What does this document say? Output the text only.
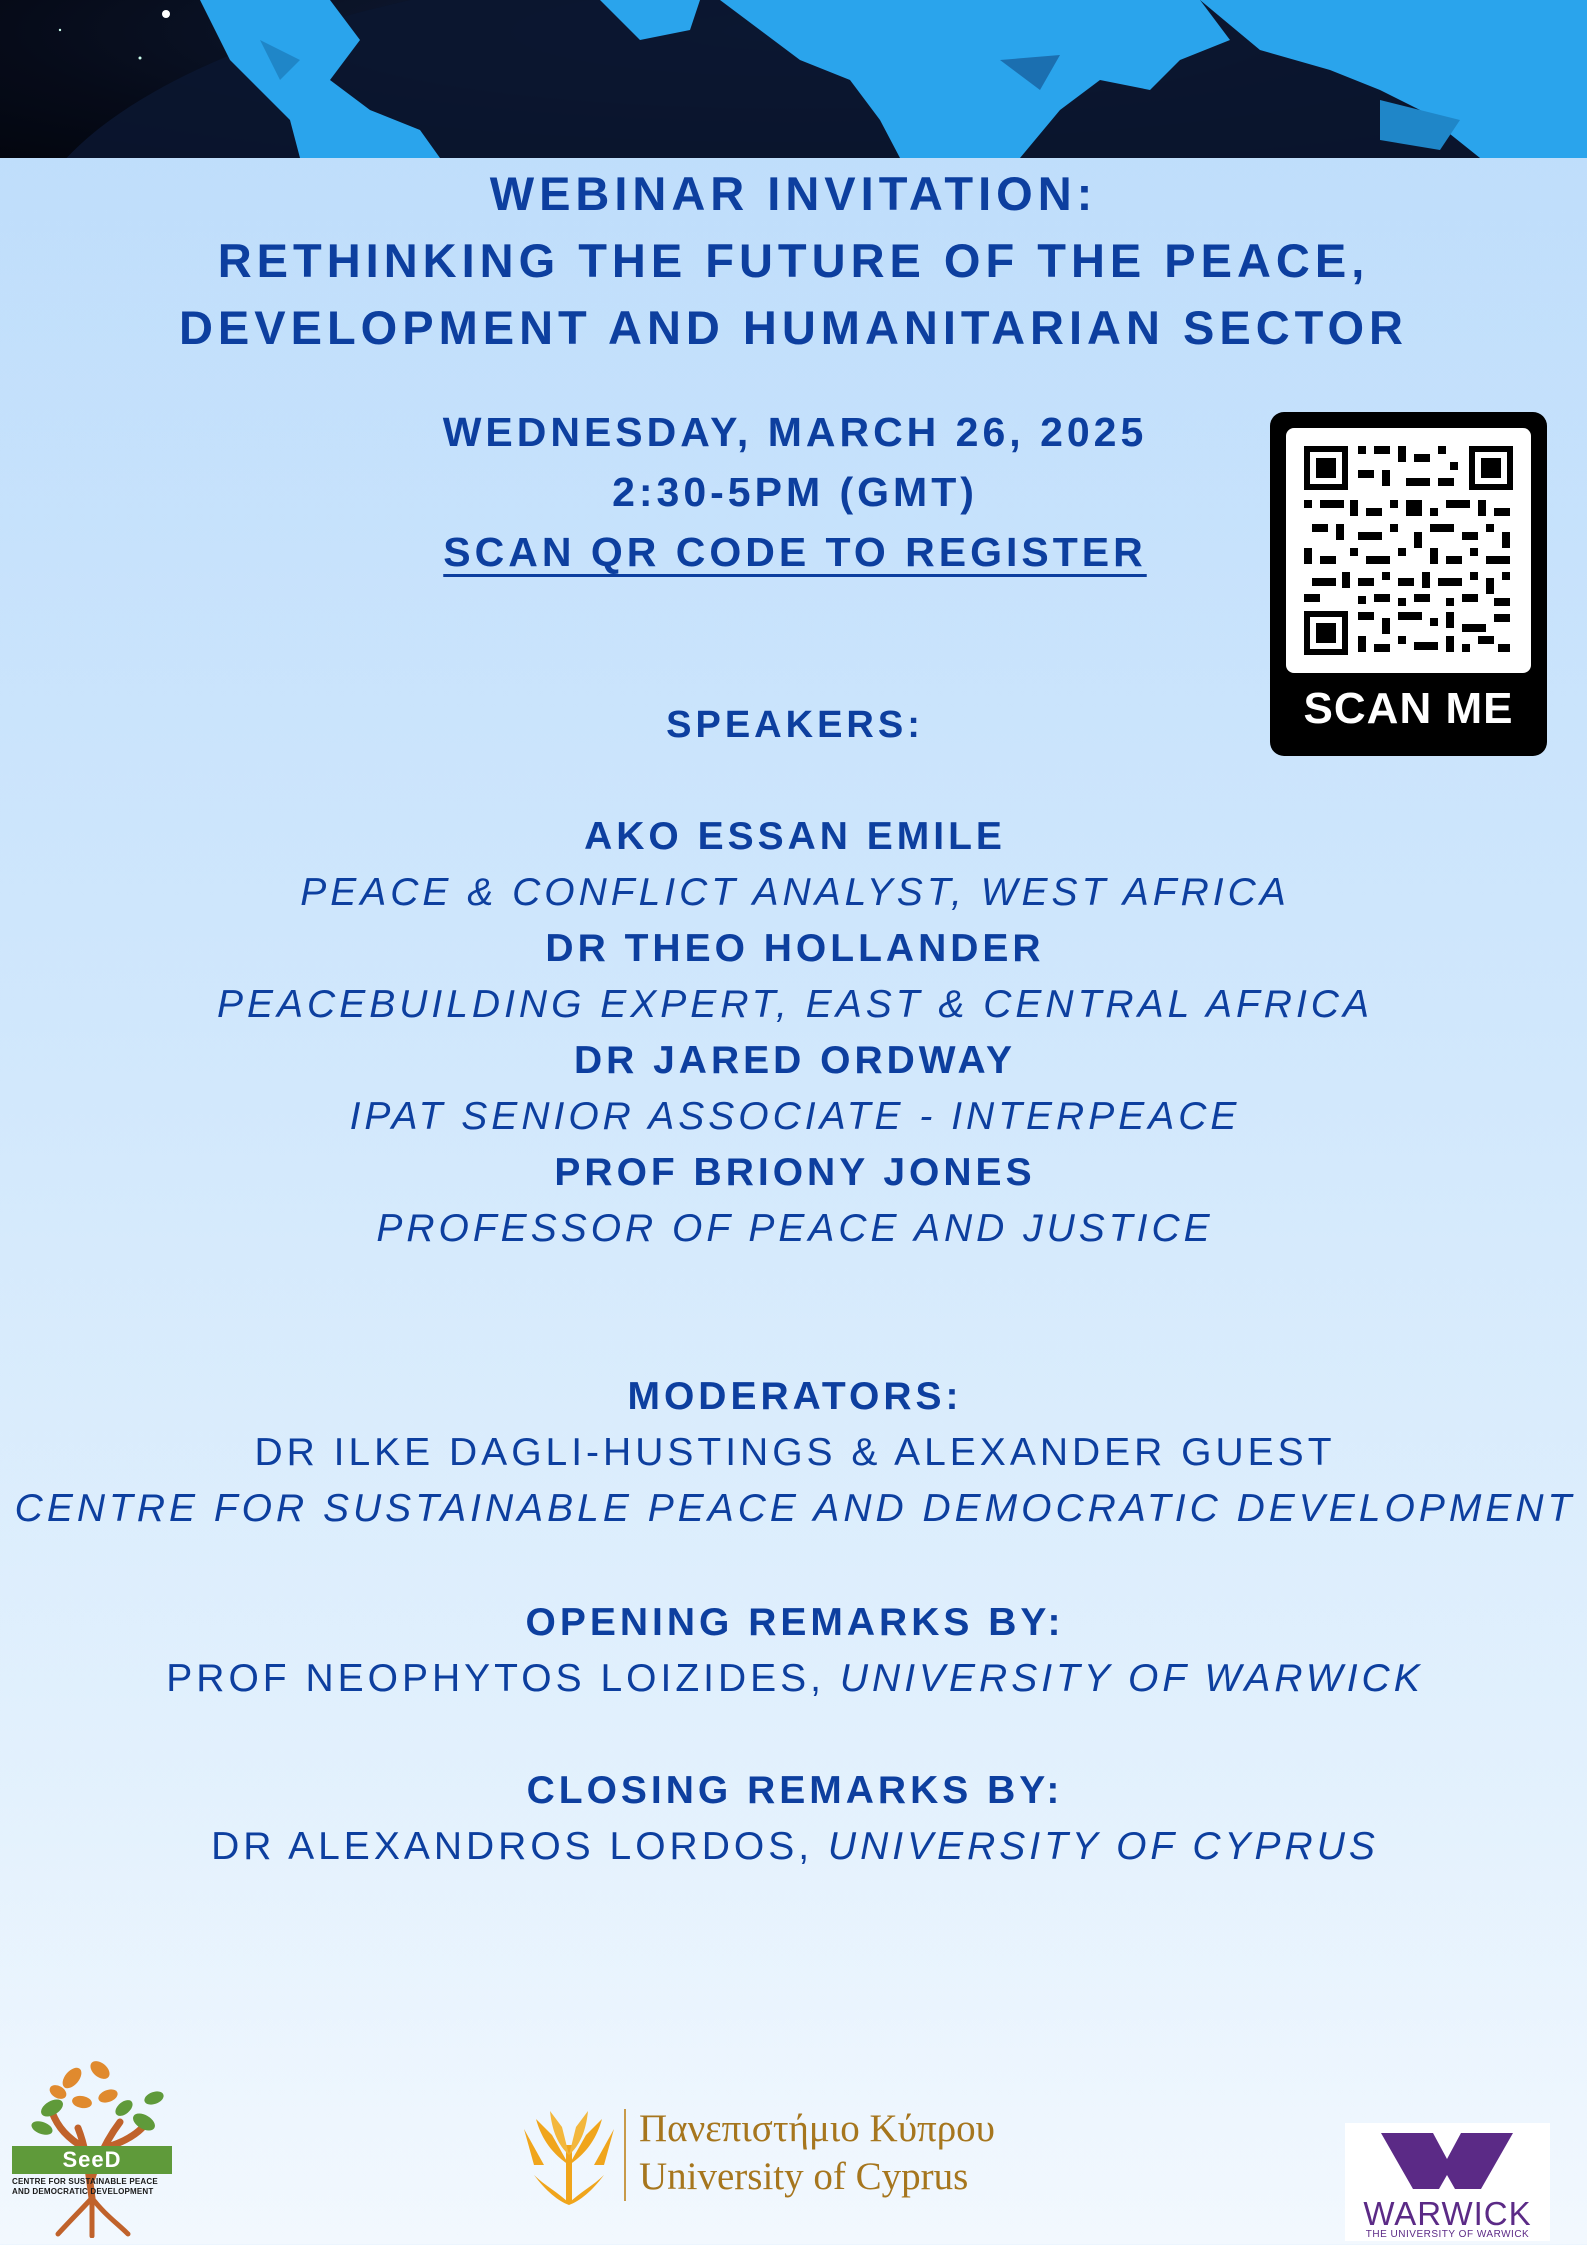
WEBINAR INVITATION:
RETHINKING THE FUTURE OF THE PEACE,
DEVELOPMENT AND HUMANITARIAN SECTOR
WEDNESDAY, MARCH 26, 2025
2:30-5PM (GMT)
SCAN QR CODE TO REGISTER
SCAN ME
SPEAKERS:
AKO ESSAN EMILE
PEACE & CONFLICT ANALYST, WEST AFRICA
DR THEO HOLLANDER
PEACEBUILDING EXPERT, EAST & CENTRAL AFRICA
DR JARED ORDWAY
IPAT SENIOR ASSOCIATE - INTERPEACE
PROF BRIONY JONES
PROFESSOR OF PEACE AND JUSTICE
MODERATORS:
DR ILKE DAGLI-HUSTINGS & ALEXANDER GUEST
CENTRE FOR SUSTAINABLE PEACE AND DEMOCRATIC DEVELOPMENT
OPENING REMARKS BY:
PROF NEOPHYTOS LOIZIDES, UNIVERSITY OF WARWICK
CLOSING REMARKS BY:
DR ALEXANDROS LORDOS, UNIVERSITY OF CYPRUS
SeeD
CENTRE FOR SUSTAINABLE PEACE
AND DEMOCRATIC DEVELOPMENT
Πανεπιστήμιο Κύπρου
University of Cyprus
WARWICK
THE UNIVERSITY OF WARWICK
